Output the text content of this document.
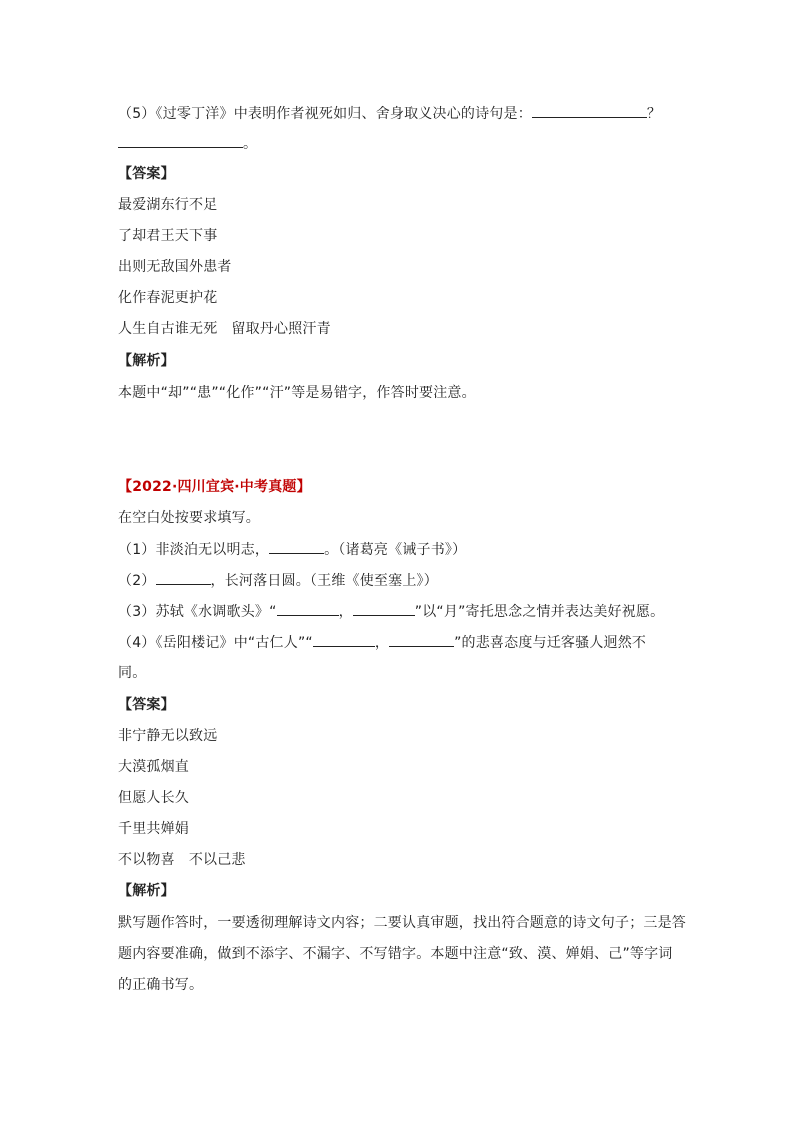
（5）《过零丁洋》中表明作者视死如归、舍身取义决心的诗句是：	？
。
【答案】
最爱湖东行不足
了却君王天下事
出则无敌国外患者
化作春泥更护花
人生自古谁无死 留取丹心照汗青
【解析】
本题中“却”“患”“化作”“汗”等是易错字，作答时要注意。
【2022·四川宜宾·中考真题】
在空白处按要求填写。
（1）非淡泊无以明志，	。（诸葛亮《诫子书》）
（2）	，长河落日圆。（王维《使至塞上》）
（3）苏轼《水调歌头》“	，	”以“月”寄托思念之情并表达美好祝愿。
（4）《岳阳楼记》中“古仁人”“	，	”的悲喜态度与迁客骚人迥然不
同。
【答案】
非宁静无以致远
大漠孤烟直
但愿人长久
千里共婵娟
不以物喜 不以己悲
【解析】
默写题作答时，一要透彻理解诗文内容；二要认真审题，找出符合题意的诗文句子；三是答
题内容要准确，做到不添字、不漏字、不写错字。本题中注意“致、漠、婵娟、己”等字词
的正确书写。
